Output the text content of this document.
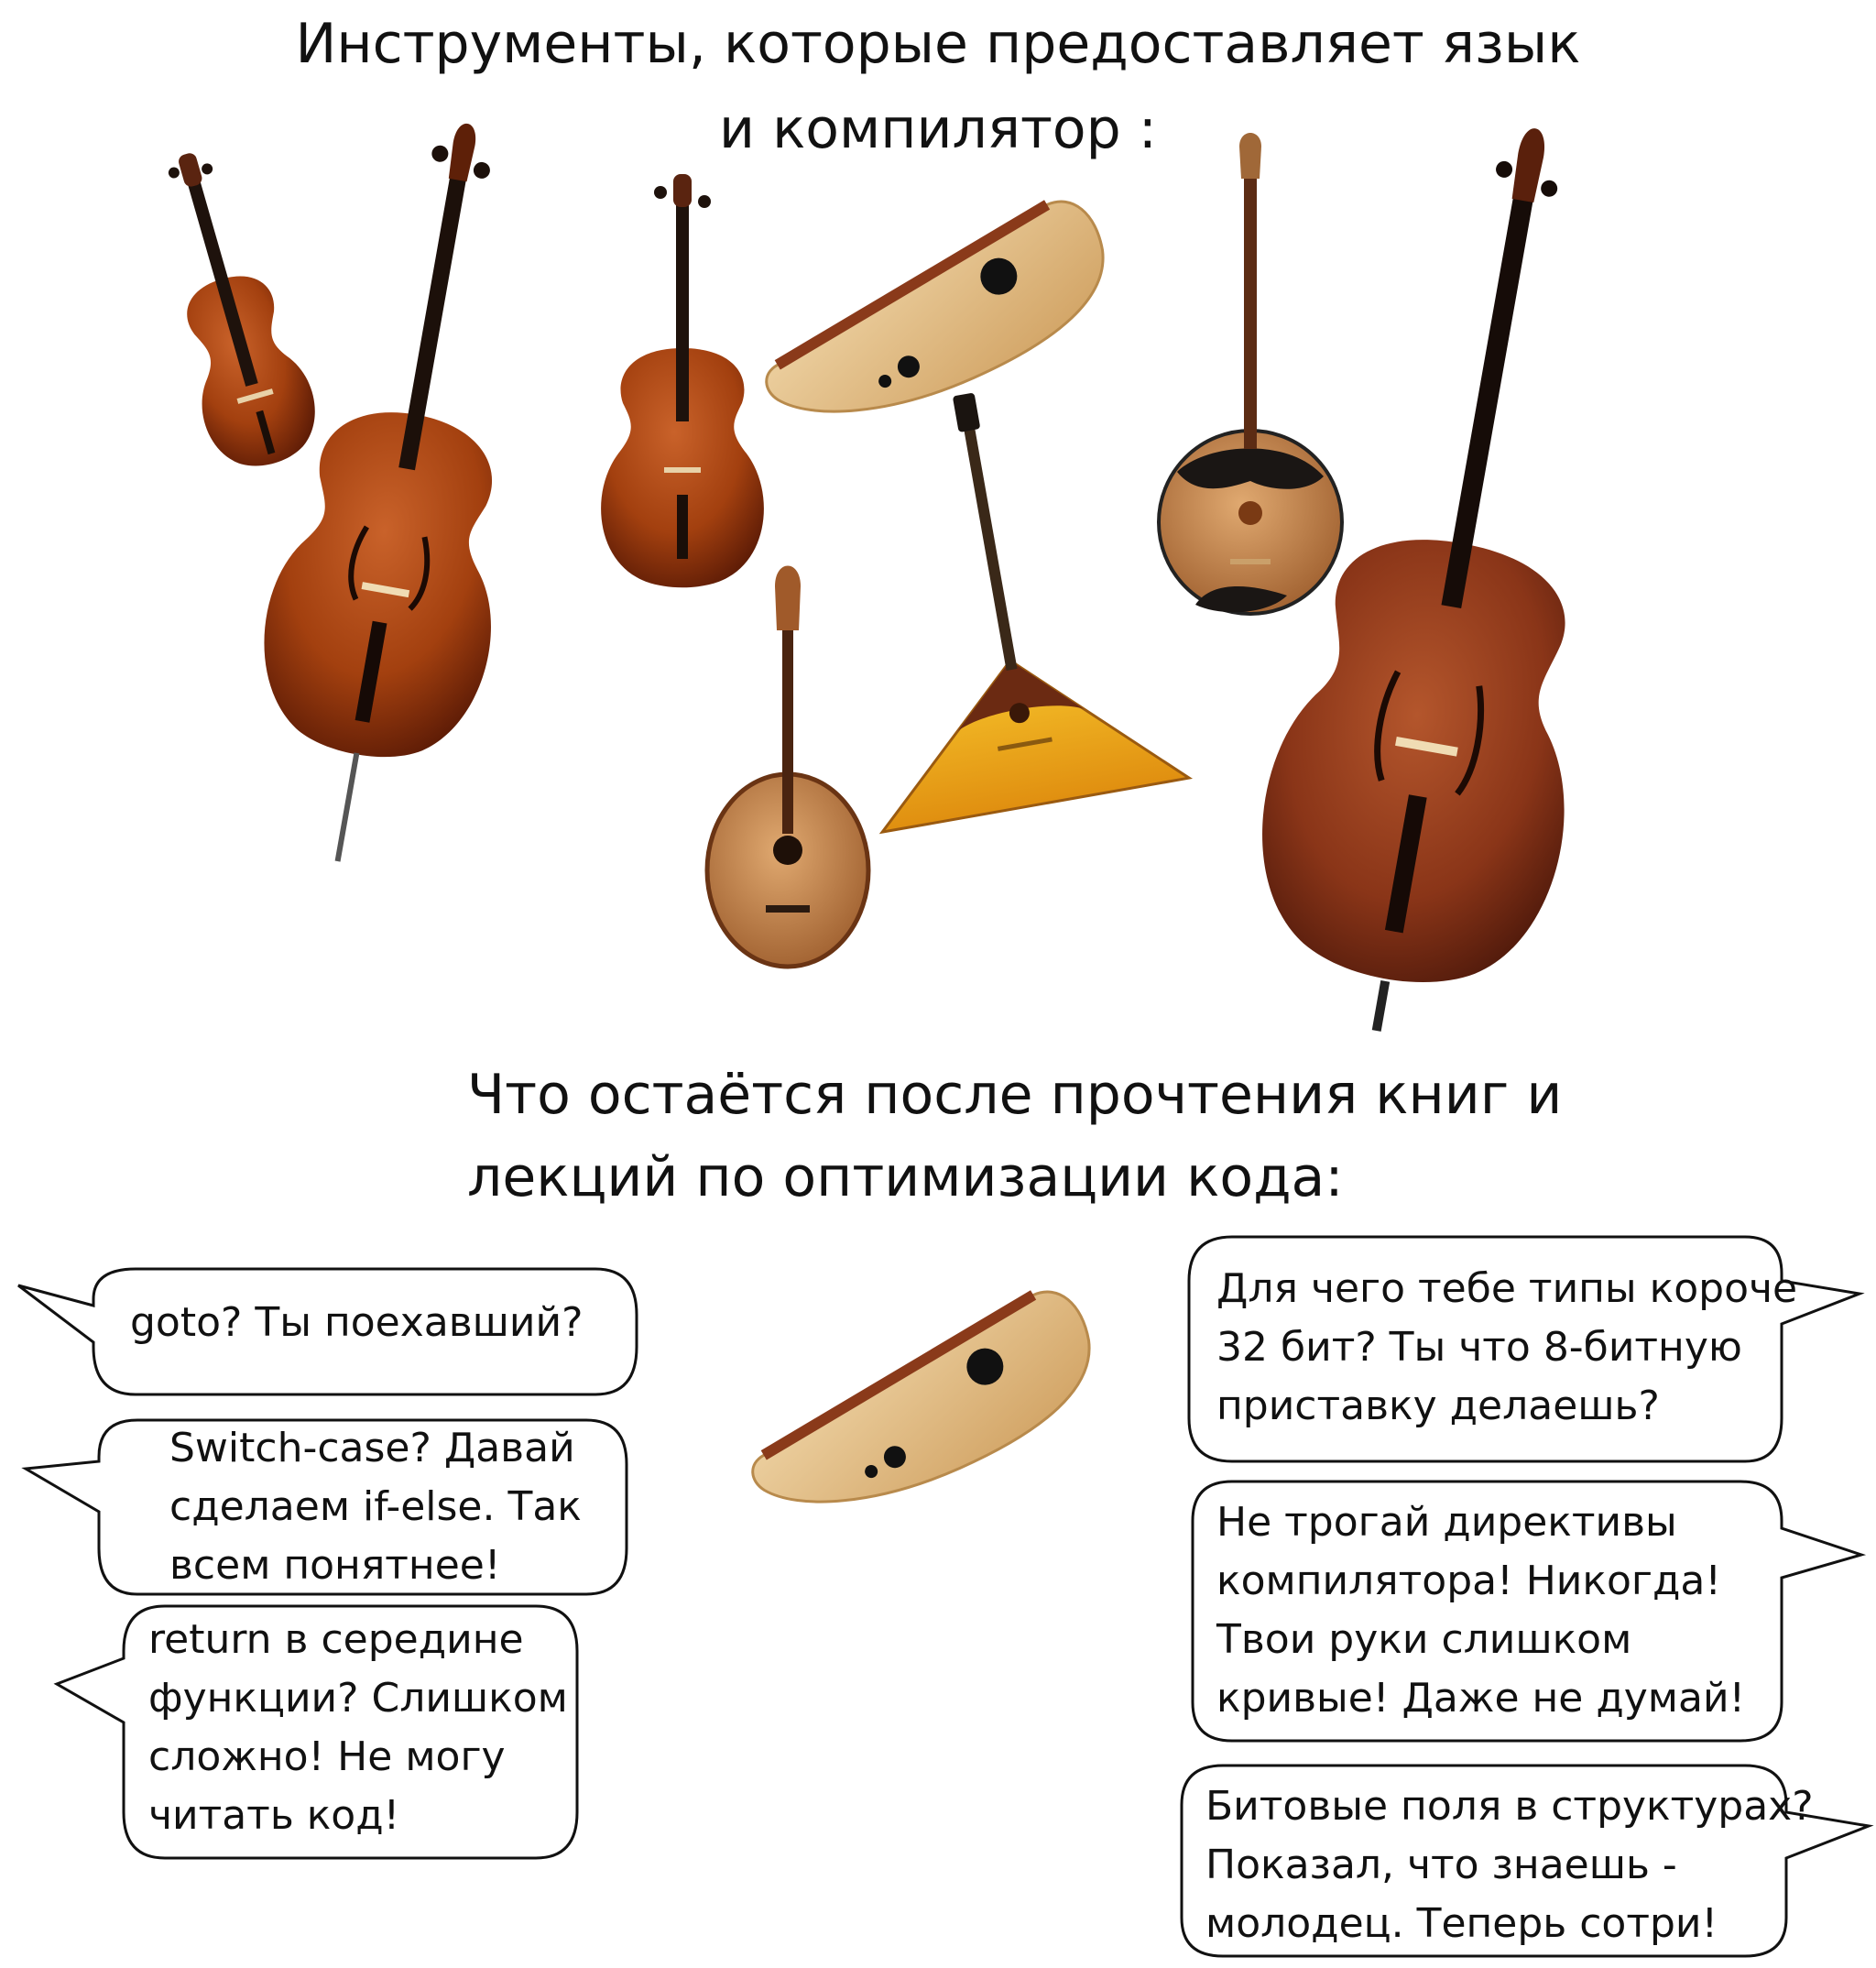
Инструменты, которые предоставляет язык
и компилятор :
Что остаётся после прочтения книг и
лекций по оптимизации кода:
goto? Ты поехавший?
Switch-case? Давай
сделаем if-else. Так
всем понятнее!
return в середине
функции? Слишком
сложно! Не могу
читать код!
Для чего тебе типы короче
32 бит? Ты что 8-битную
приставку делаешь?
Не трогай директивы
компилятора! Никогда!
Твои руки слишком
кривые! Даже не думай!
Битовые поля в структурах?
Показал, что знаешь -
молодец. Теперь сотри!
